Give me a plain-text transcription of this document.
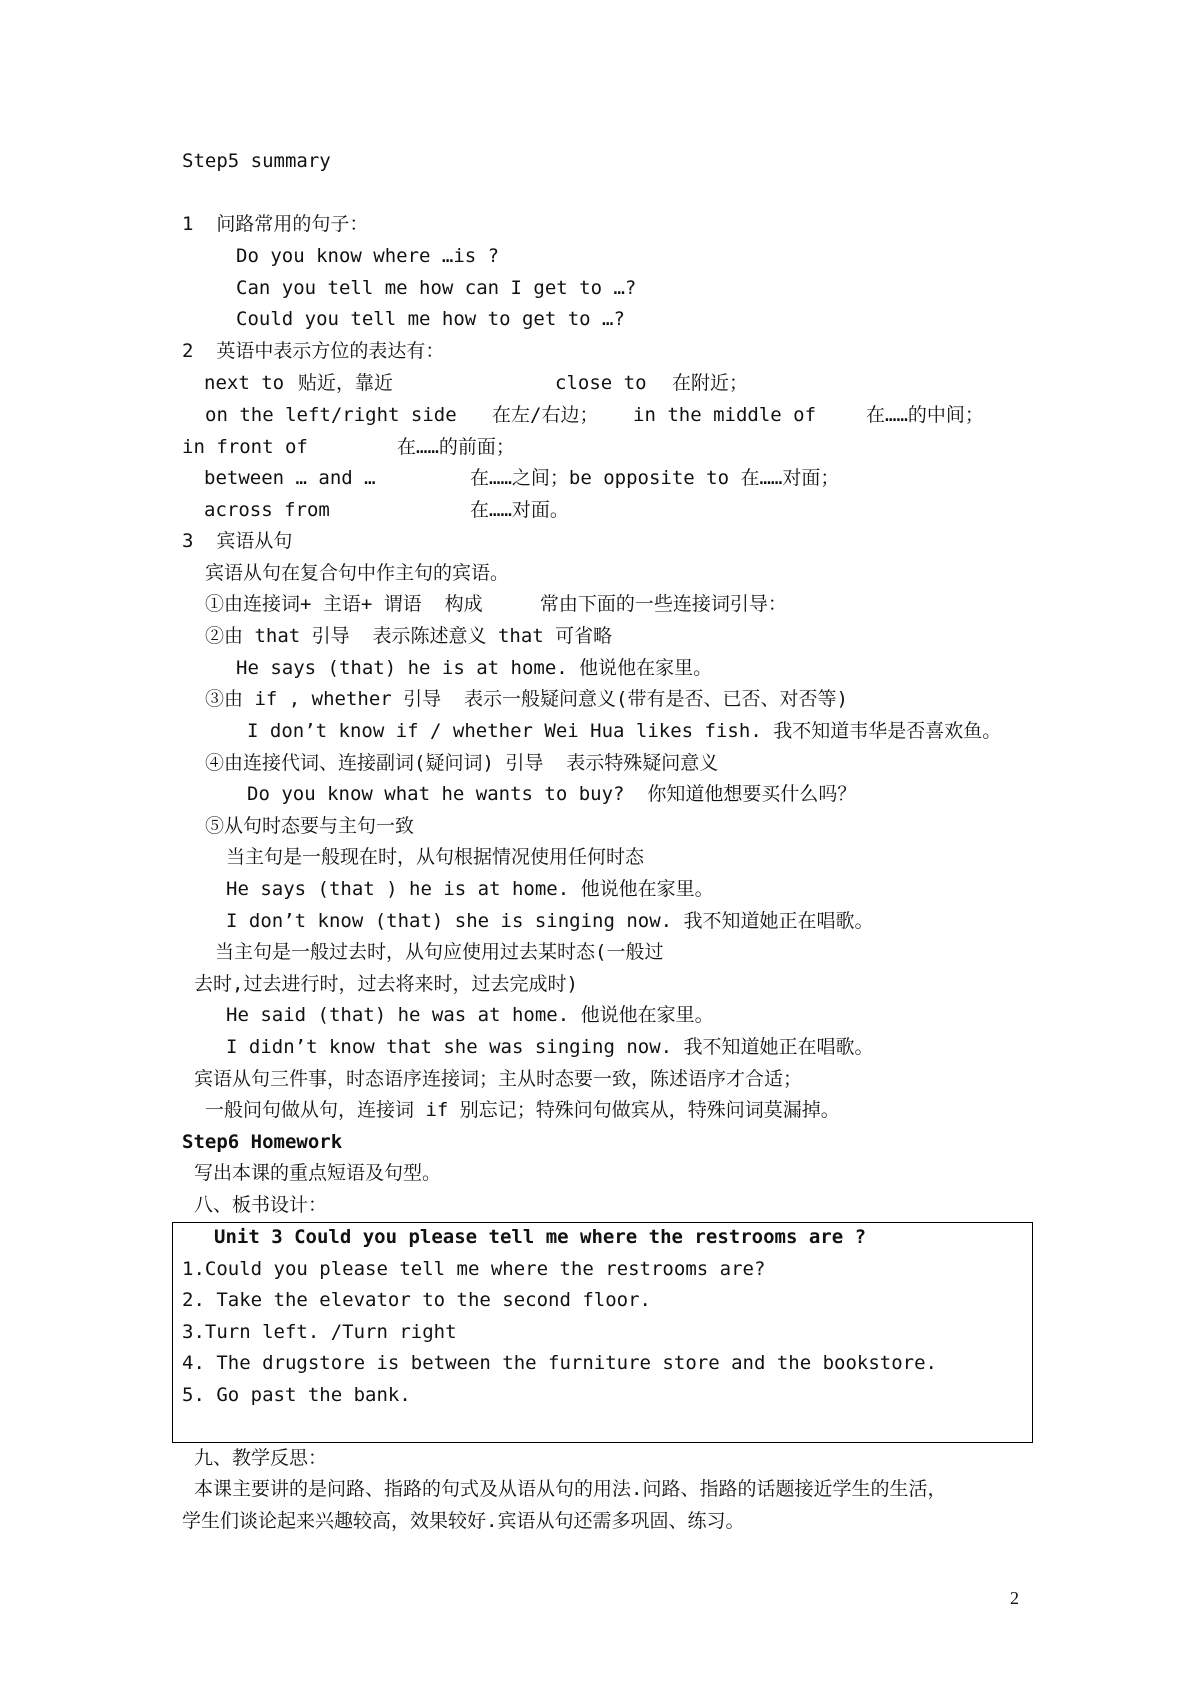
Step5 summary
1  问路常用的句子：
Do you know where …is ?
Can you tell me how can I get to …?
Could you tell me how to get to …?
2  英语中表示方位的表达有：
next to 贴近，靠近	close to 在附近；
on the left/right side 在左/右边； in the middle of	在……的中间；
in front of	在……的前面；
between … and …	在……之间；be opposite to 在……对面；
across from	在……对面。
3  宾语从句
宾语从句在复合句中作主句的宾语。
①由连接词+ 主语+ 谓语  构成     常由下面的一些连接词引导：
②由 that 引导  表示陈述意义 that 可省略
He says (that) he is at home. 他说他在家里。
③由 if , whether 引导  表示一般疑问意义(带有是否、已否、对否等)
I don’t know if / whether Wei Hua likes fish. 我不知道韦华是否喜欢鱼。
④由连接代词、连接副词(疑问词) 引导  表示特殊疑问意义
Do you know what he wants to buy?  你知道他想要买什么吗？
⑤从句时态要与主句一致
当主句是一般现在时，从句根据情况使用任何时态
He says (that ) he is at home. 他说他在家里。
I don’t know (that) she is singing now. 我不知道她正在唱歌。
当主句是一般过去时，从句应使用过去某时态(一般过
去时,过去进行时，过去将来时，过去完成时)
He said (that) he was at home. 他说他在家里。
I didn’t know that she was singing now. 我不知道她正在唱歌。
宾语从句三件事，时态语序连接词；主从时态要一致，陈述语序才合适；
一般问句做从句，连接词 if 别忘记；特殊问句做宾从，特殊问词莫漏掉。
Step6 Homework
写出本课的重点短语及句型。
八、板书设计：
Unit 3 Could you please tell me where the restrooms are ?
1.Could you please tell me where the restrooms are?
2. Take the elevator to the second floor.
3.Turn left. /Turn right
4. The drugstore is between the furniture store and the bookstore.
5. Go past the bank.
九、教学反思：
本课主要讲的是问路、指路的句式及从语从句的用法.问路、指路的话题接近学生的生活，
学生们谈论起来兴趣较高，效果较好.宾语从句还需多巩固、练习。
2
